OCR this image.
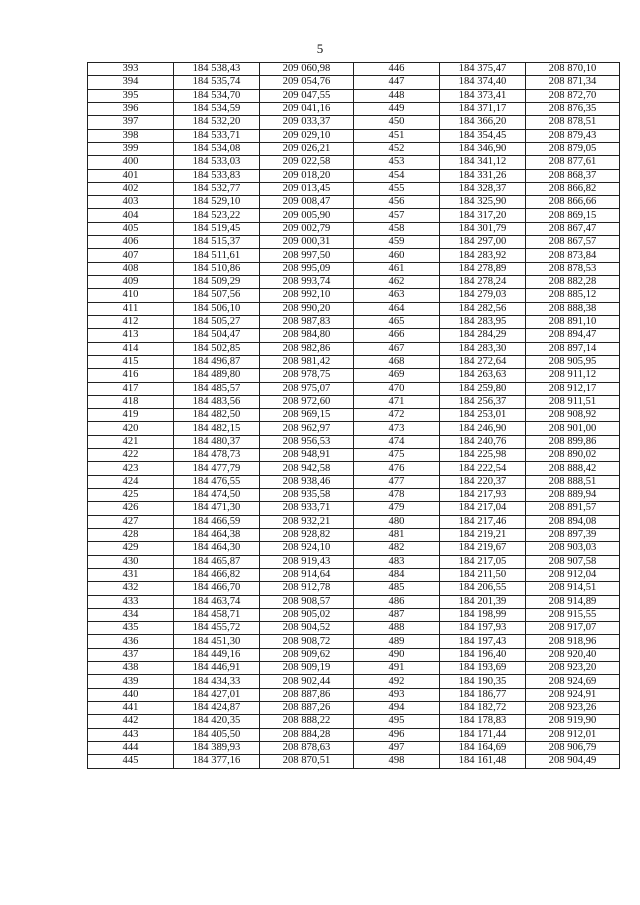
5
393	184 538,43	209 060,98	446	184 375,47	208 870,10
394	184 535,74	209 054,76	447	184 374,40	208 871,34
395	184 534,70	209 047,55	448	184 373,41	208 872,70
396	184 534,59	209 041,16	449	184 371,17	208 876,35
397	184 532,20	209 033,37	450	184 366,20	208 878,51
398	184 533,71	209 029,10	451	184 354,45	208 879,43
399	184 534,08	209 026,21	452	184 346,90	208 879,05
400	184 533,03	209 022,58	453	184 341,12	208 877,61
401	184 533,83	209 018,20	454	184 331,26	208 868,37
402	184 532,77	209 013,45	455	184 328,37	208 866,82
403	184 529,10	209 008,47	456	184 325,90	208 866,66
404	184 523,22	209 005,90	457	184 317,20	208 869,15
405	184 519,45	209 002,79	458	184 301,79	208 867,47
406	184 515,37	209 000,31	459	184 297,00	208 867,57
407	184 511,61	208 997,50	460	184 283,92	208 873,84
408	184 510,86	208 995,09	461	184 278,89	208 878,53
409	184 509,29	208 993,74	462	184 278,24	208 882,28
410	184 507,56	208 992,10	463	184 279,03	208 885,12
411	184 506,10	208 990,20	464	184 282,56	208 888,38
412	184 505,27	208 987,83	465	184 283,95	208 891,10
413	184 504,47	208 984,80	466	184 284,29	208 894,47
414	184 502,85	208 982,86	467	184 283,30	208 897,14
415	184 496,87	208 981,42	468	184 272,64	208 905,95
416	184 489,80	208 978,75	469	184 263,63	208 911,12
417	184 485,57	208 975,07	470	184 259,80	208 912,17
418	184 483,56	208 972,60	471	184 256,37	208 911,51
419	184 482,50	208 969,15	472	184 253,01	208 908,92
420	184 482,15	208 962,97	473	184 246,90	208 901,00
421	184 480,37	208 956,53	474	184 240,76	208 899,86
422	184 478,73	208 948,91	475	184 225,98	208 890,02
423	184 477,79	208 942,58	476	184 222,54	208 888,42
424	184 476,55	208 938,46	477	184 220,37	208 888,51
425	184 474,50	208 935,58	478	184 217,93	208 889,94
426	184 471,30	208 933,71	479	184 217,04	208 891,57
427	184 466,59	208 932,21	480	184 217,46	208 894,08
428	184 464,38	208 928,82	481	184 219,21	208 897,39
429	184 464,30	208 924,10	482	184 219,67	208 903,03
430	184 465,87	208 919,43	483	184 217,05	208 907,58
431	184 466,82	208 914,64	484	184 211,50	208 912,04
432	184 466,70	208 912,78	485	184 206,55	208 914,51
433	184 463,74	208 908,57	486	184 201,39	208 914,89
434	184 458,71	208 905,02	487	184 198,99	208 915,55
435	184 455,72	208 904,52	488	184 197,93	208 917,07
436	184 451,30	208 908,72	489	184 197,43	208 918,96
437	184 449,16	208 909,62	490	184 196,40	208 920,40
438	184 446,91	208 909,19	491	184 193,69	208 923,20
439	184 434,33	208 902,44	492	184 190,35	208 924,69
440	184 427,01	208 887,86	493	184 186,77	208 924,91
441	184 424,87	208 887,26	494	184 182,72	208 923,26
442	184 420,35	208 888,22	495	184 178,83	208 919,90
443	184 405,50	208 884,28	496	184 171,44	208 912,01
444	184 389,93	208 878,63	497	184 164,69	208 906,79
445	184 377,16	208 870,51	498	184 161,48	208 904,49
